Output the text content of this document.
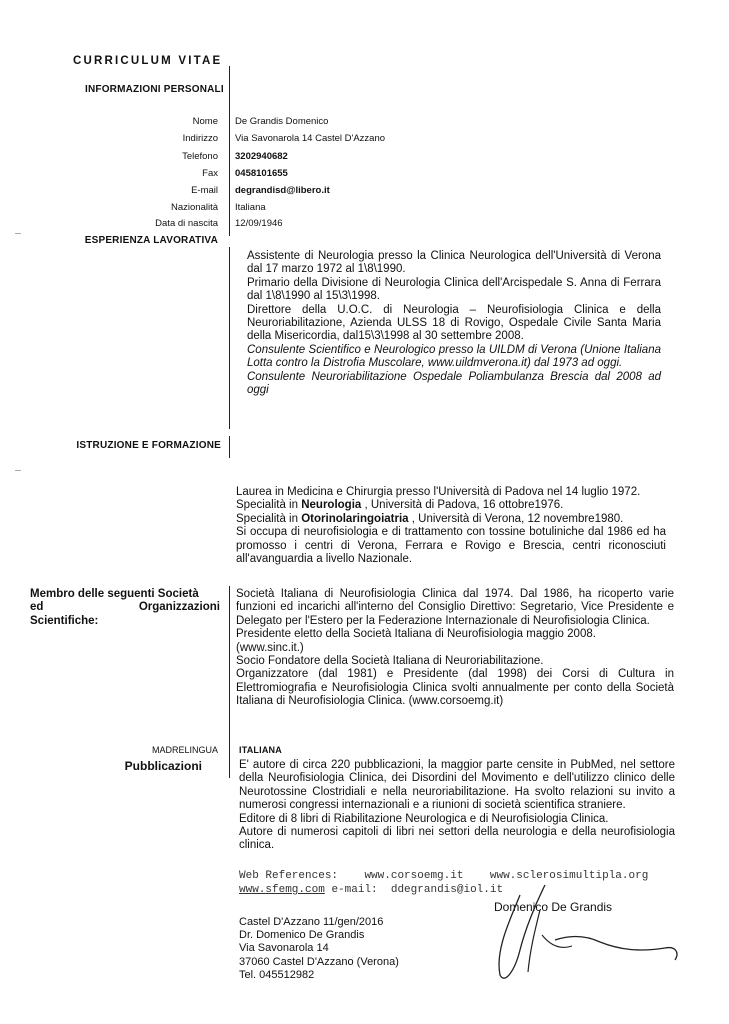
CURRICULUM VITAE
INFORMAZIONI PERSONALI
Nome De Grandis Domenico
Indirizzo Via Savonarola 14 Castel D'Azzano
Telefono 3202940682
Fax 0458101655
E-mail degrandisd@libero.it
Nazionalità Italiana
Data di nascita 12/09/1946
ESPERIENZA LAVORATIVA

Assistente di Neurologia presso la Clinica Neurologica dell'Università di Verona dal 17 marzo 1972 al 1\8\1990.

Primario della Divisione di Neurologia Clinica dell'Arcispedale S. Anna di Ferrara dal 1\8\1990 al 15\3\1998.

Direttore della U.O.C. di Neurologia – Neurofisiologia Clinica e della Neuroriabilitazione, Azienda ULSS 18 di Rovigo, Ospedale Civile Santa Maria della Misericordia, dal15\3\1998 al 30 settembre 2008.

Consulente Scientifico e Neurologico presso la UILDM di Verona (Unione Italiana Lotta contro la Distrofia Muscolare, www.uildmverona.it) dal 1973 ad oggi.

Consulente Neuroriabilitazione Ospedale Poliambulanza Brescia dal 2008 ad oggi

ISTRUZIONE E FORMAZIONE

Laurea in Medicina e Chirurgia presso l'Università di Padova nel 14 luglio 1972.

Specialità in Neurologia , Università di Padova, 16 ottobre1976.

Specialità in Otorinolaringoiatria , Università di Verona, 12 novembre1980.

Si occupa di neurofisiologia e di trattamento con tossine botuliniche dal 1986 ed ha promosso i centri di Verona, Ferrara e Rovigo e Brescia, centri riconosciuti all'avanguardia a livello Nazionale.

Membro delle seguenti Società
ed	Organizzazioni
Scientifiche:

Società Italiana di Neurofisiologia Clinica dal 1974. Dal 1986, ha ricoperto varie funzioni ed incarichi all'interno del Consiglio Direttivo: Segretario, Vice Presidente e Delegato per l'Estero per la Federazione Internazionale di Neurofisiologia Clinica.

Presidente eletto della Società Italiana di Neurofisiologia maggio 2008.

(www.sinc.it.)

Socio Fondatore della Società Italiana di Neuroriabilitazione.

Organizzatore (dal 1981) e Presidente (dal 1998) dei Corsi di Cultura in Elettromiografia e Neurofisiologia Clinica svolti annualmente per conto della Società Italiana di Neurofisiologia Clinica. (www.corsoemg.it)

MADRELINGUA ITALIANA
Pubblicazioni	E' autore di circa 220 pubblicazioni, la maggior parte censite in PubMed, nel settore della Neurofisiologia Clinica, dei Disordini del Movimento e dell'utilizzo clinico delle Neurotossine Clostridiali e nella neuroriabilitazione. Ha svolto relazioni su invito a numerosi congressi internazionali e a riunioni di società scientifica straniere.

Editore di 8 libri di Riabilitazione Neurologica e di Neurofisiologia Clinica.

Autore di numerosi capitoli di libri nei settori della neurologia e della neurofisiologia clinica.

Web References: www.corsoemg.it www.sclerosimultipla.org
www.sfemg.com e-mail: ddegrandis@iol.it
Domenico De Grandis
Castel D'Azzano 11/gen/2016
Dr. Domenico De Grandis
Via Savonarola 14
37060 Castel D'Azzano (Verona)
Tel. 045512982
